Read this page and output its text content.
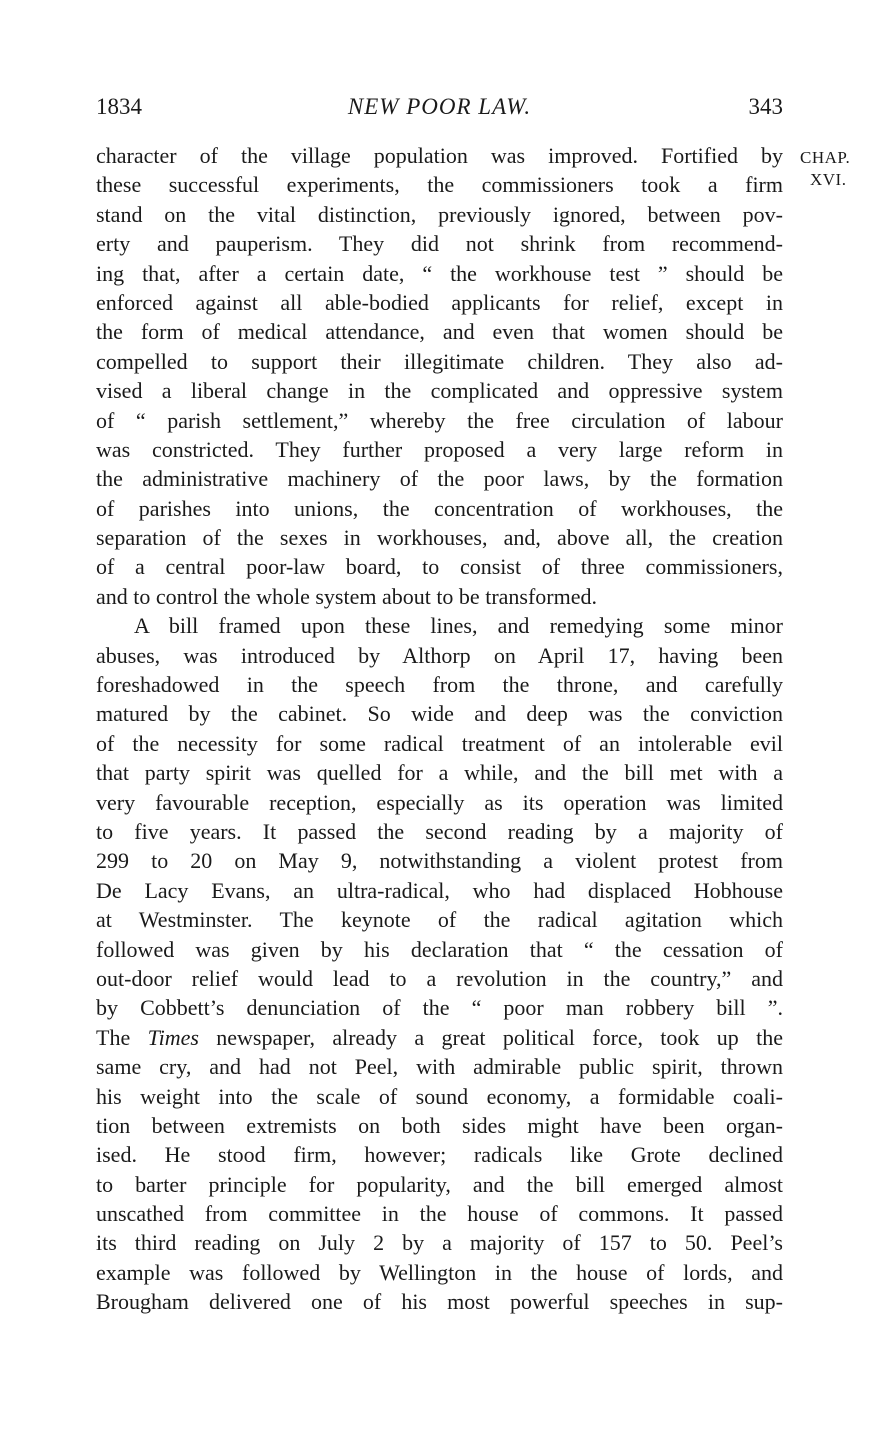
1834	NEW POOR LAW.	343
CHAP.
XVI.
character of the village population was improved. Fortified by
these successful experiments, the commissioners took a firm
stand on the vital distinction, previously ignored, between pov-
erty and pauperism. They did not shrink from recommend-
ing that, after a certain date, “ the workhouse test ” should be
enforced against all able-bodied applicants for relief, except in
the form of medical attendance, and even that women should be
compelled to support their illegitimate children. They also ad-
vised a liberal change in the complicated and oppressive system
of “ parish settlement,” whereby the free circulation of labour
was constricted. They further proposed a very large reform in
the administrative machinery of the poor laws, by the formation
of parishes into unions, the concentration of workhouses, the
separation of the sexes in workhouses, and, above all, the creation
of a central poor-law board, to consist of three commissioners,
and to control the whole system about to be transformed.
A bill framed upon these lines, and remedying some minor
abuses, was introduced by Althorp on April 17, having been
foreshadowed in the speech from the throne, and carefully
matured by the cabinet. So wide and deep was the conviction
of the necessity for some radical treatment of an intolerable evil
that party spirit was quelled for a while, and the bill met with a
very favourable reception, especially as its operation was limited
to five years. It passed the second reading by a majority of
299 to 20 on May 9, notwithstanding a violent protest from
De Lacy Evans, an ultra-radical, who had displaced Hobhouse
at Westminster. The keynote of the radical agitation which
followed was given by his declaration that “ the cessation of
out-door relief would lead to a revolution in the country,” and
by Cobbett’s denunciation of the “ poor man robbery bill ”.
The Times newspaper, already a great political force, took up the
same cry, and had not Peel, with admirable public spirit, thrown
his weight into the scale of sound economy, a formidable coali-
tion between extremists on both sides might have been organ-
ised. He stood firm, however; radicals like Grote declined
to barter principle for popularity, and the bill emerged almost
unscathed from committee in the house of commons. It passed
its third reading on July 2 by a majority of 157 to 50. Peel’s
example was followed by Wellington in the house of lords, and
Brougham delivered one of his most powerful speeches in sup-
